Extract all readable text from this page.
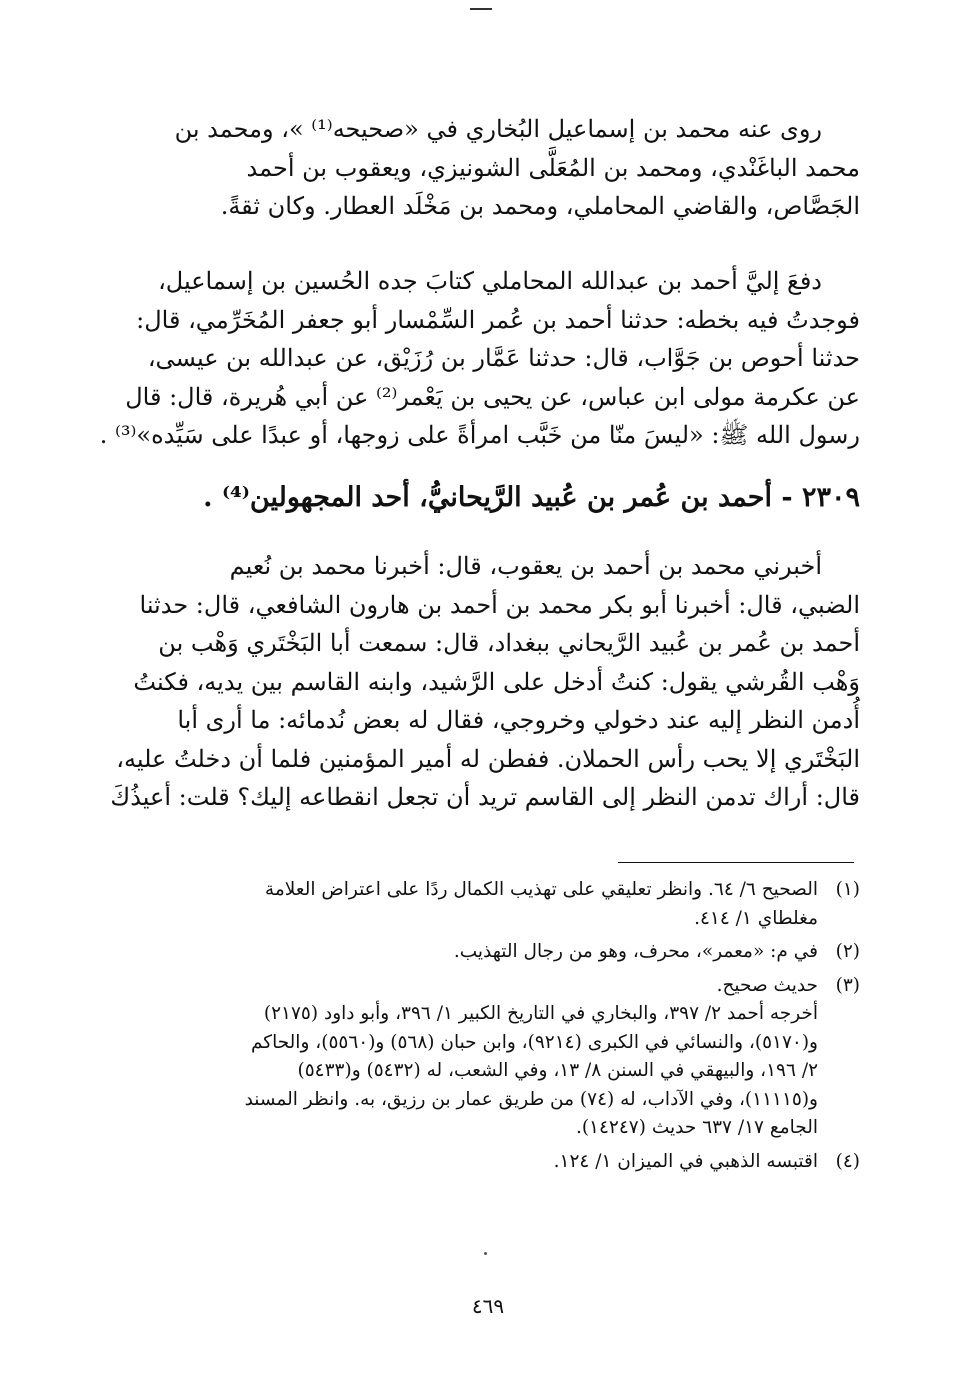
روى عنه محمد بن إسماعيل البُخاري في «صحيحه⁽¹⁾ »، ومحمد بن
محمد الباغَنْدي، ومحمد بن المُعَلَّى الشونيزي، ويعقوب بن أحمد
الجَصَّاص، والقاضي المحاملي، ومحمد بن مَخْلَد العطار. وكان ثقةً.
دفعَ إليَّ أحمد بن عبدالله المحاملي كتابَ جده الحُسين بن إسماعيل،
فوجدتُ فيه بخطه: حدثنا أحمد بن عُمر السِّمْسار أبو جعفر المُخَرِّمي، قال:
حدثنا أحوص بن جَوَّاب، قال: حدثنا عَمَّار بن رُزَيْق، عن عبدالله بن عيسى،
عن عكرمة مولى ابن عباس، عن يحيى بن يَعْمر⁽²⁾ عن أبي هُريرة، قال: قال
رسول الله ﷺ: «ليسَ منّا من خَبَّب امرأةً على زوجها، أو عبدًا على سَيِّده»⁽³⁾ .
٢٣٠٩ - أحمد بن عُمر بن عُبيد الرَّيحانيُّ، أحد المجهولين⁽⁴⁾ .
أخبرني محمد بن أحمد بن يعقوب، قال: أخبرنا محمد بن نُعيم
الضبي، قال: أخبرنا أبو بكر محمد بن أحمد بن هارون الشافعي، قال: حدثنا
أحمد بن عُمر بن عُبيد الرَّيحاني ببغداد، قال: سمعت أبا البَخْتَري وَهْب بن
وَهْب القُرشي يقول: كنتُ أدخل على الرَّشيد، وابنه القاسم بين يديه، فكنتُ
أُدمن النظر إليه عند دخولي وخروجي، فقال له بعض نُدمائه: ما أرى أبا
البَخْتَري إلا يحب رأس الحملان. ففطن له أمير المؤمنين فلما أن دخلتُ عليه،
قال: أراك تدمن النظر إلى القاسم تريد أن تجعل انقطاعه إليك؟ قلت: أعيذُكَ
(١)
الصحيح ٦/ ٦٤. وانظر تعليقي على تهذيب الكمال ردًا على اعتراض العلامة
مغلطاي ١/ ٤١٤.
(٢)
في م: «معمر»، محرف، وهو من رجال التهذيب.
(٣)
حديث صحيح.
أخرجه أحمد ٢/ ٣٩٧، والبخاري في التاريخ الكبير ١/ ٣٩٦، وأبو داود (٢١٧٥)
و(٥١٧٠)، والنسائي في الكبرى (٩٢١٤)، وابن حبان (٥٦٨) و(٥٥٦٠)، والحاكم
٢/ ١٩٦، والبيهقي في السنن ٨/ ١٣، وفي الشعب، له (٥٤٣٢) و(٥٤٣٣)
و(١١١١٥)، وفي الآداب، له (٧٤) من طريق عمار بن رزيق، به. وانظر المسند
الجامع ١٧/ ٦٣٧ حديث (١٤٢٤٧).
(٤)
اقتبسه الذهبي في الميزان ١/ ١٢٤.
٤٦٩
